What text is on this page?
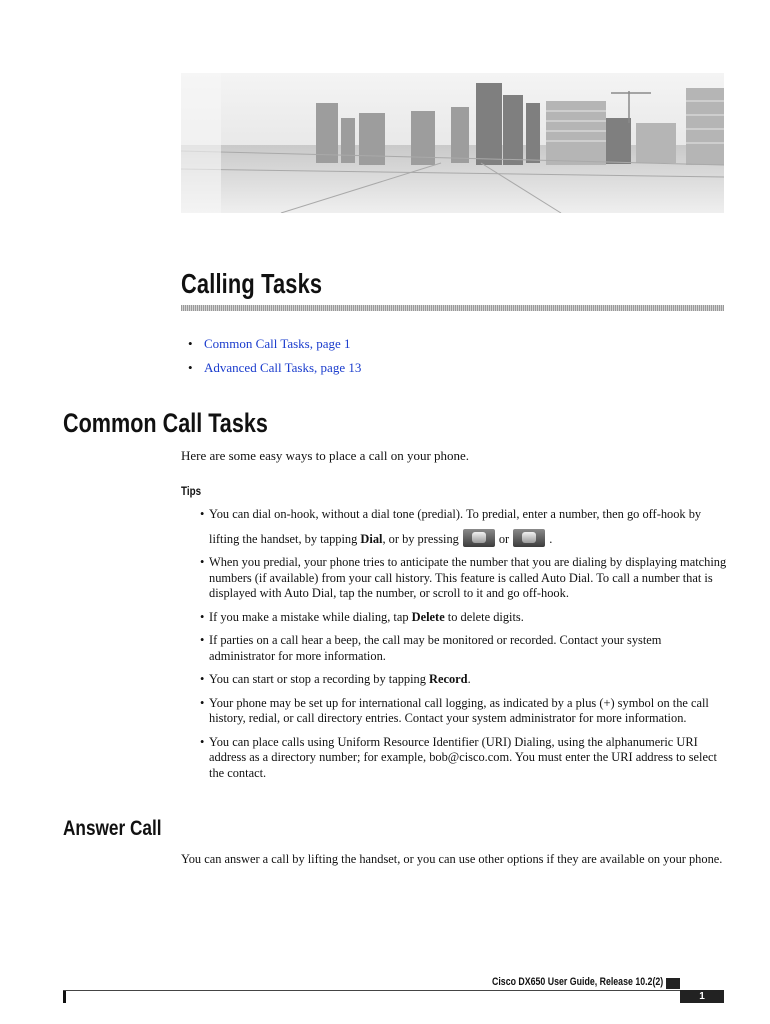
Calling Tasks
• Common Call Tasks, page 1
• Advanced Call Tasks, page 13
Common Call Tasks

Here are some easy ways to place a call on your phone.

Tips

• You can dial on-hook, without a dial tone (predial). To predial, enter a number, then go off-hook by
lifting the handset, by tapping Dial, or by pressing	or	.
• When you predial, your phone tries to anticipate the number that you are dialing by displaying matching numbers (if available) from your call history. This feature is called Auto Dial. To call a number that is displayed with Auto Dial, tap the number, or scroll to it and go off-hook.
• If you make a mistake while dialing, tap Delete to delete digits.
• If parties on a call hear a beep, the call may be monitored or recorded. Contact your system administrator for more information.
• You can start or stop a recording by tapping Record.
• Your phone may be set up for international call logging, as indicated by a plus (+) symbol on the call history, redial, or call directory entries. Contact your system administrator for more information.
• You can place calls using Uniform Resource Identifier (URI) Dialing, using the alphanumeric URI address as a directory number; for example, bob@cisco.com. You must enter the URI address to select the contact.
Answer Call

You can answer a call by lifting the handset, or you can use other options if they are available on your phone.

Cisco DX650 User Guide, Release 10.2(2)

1
